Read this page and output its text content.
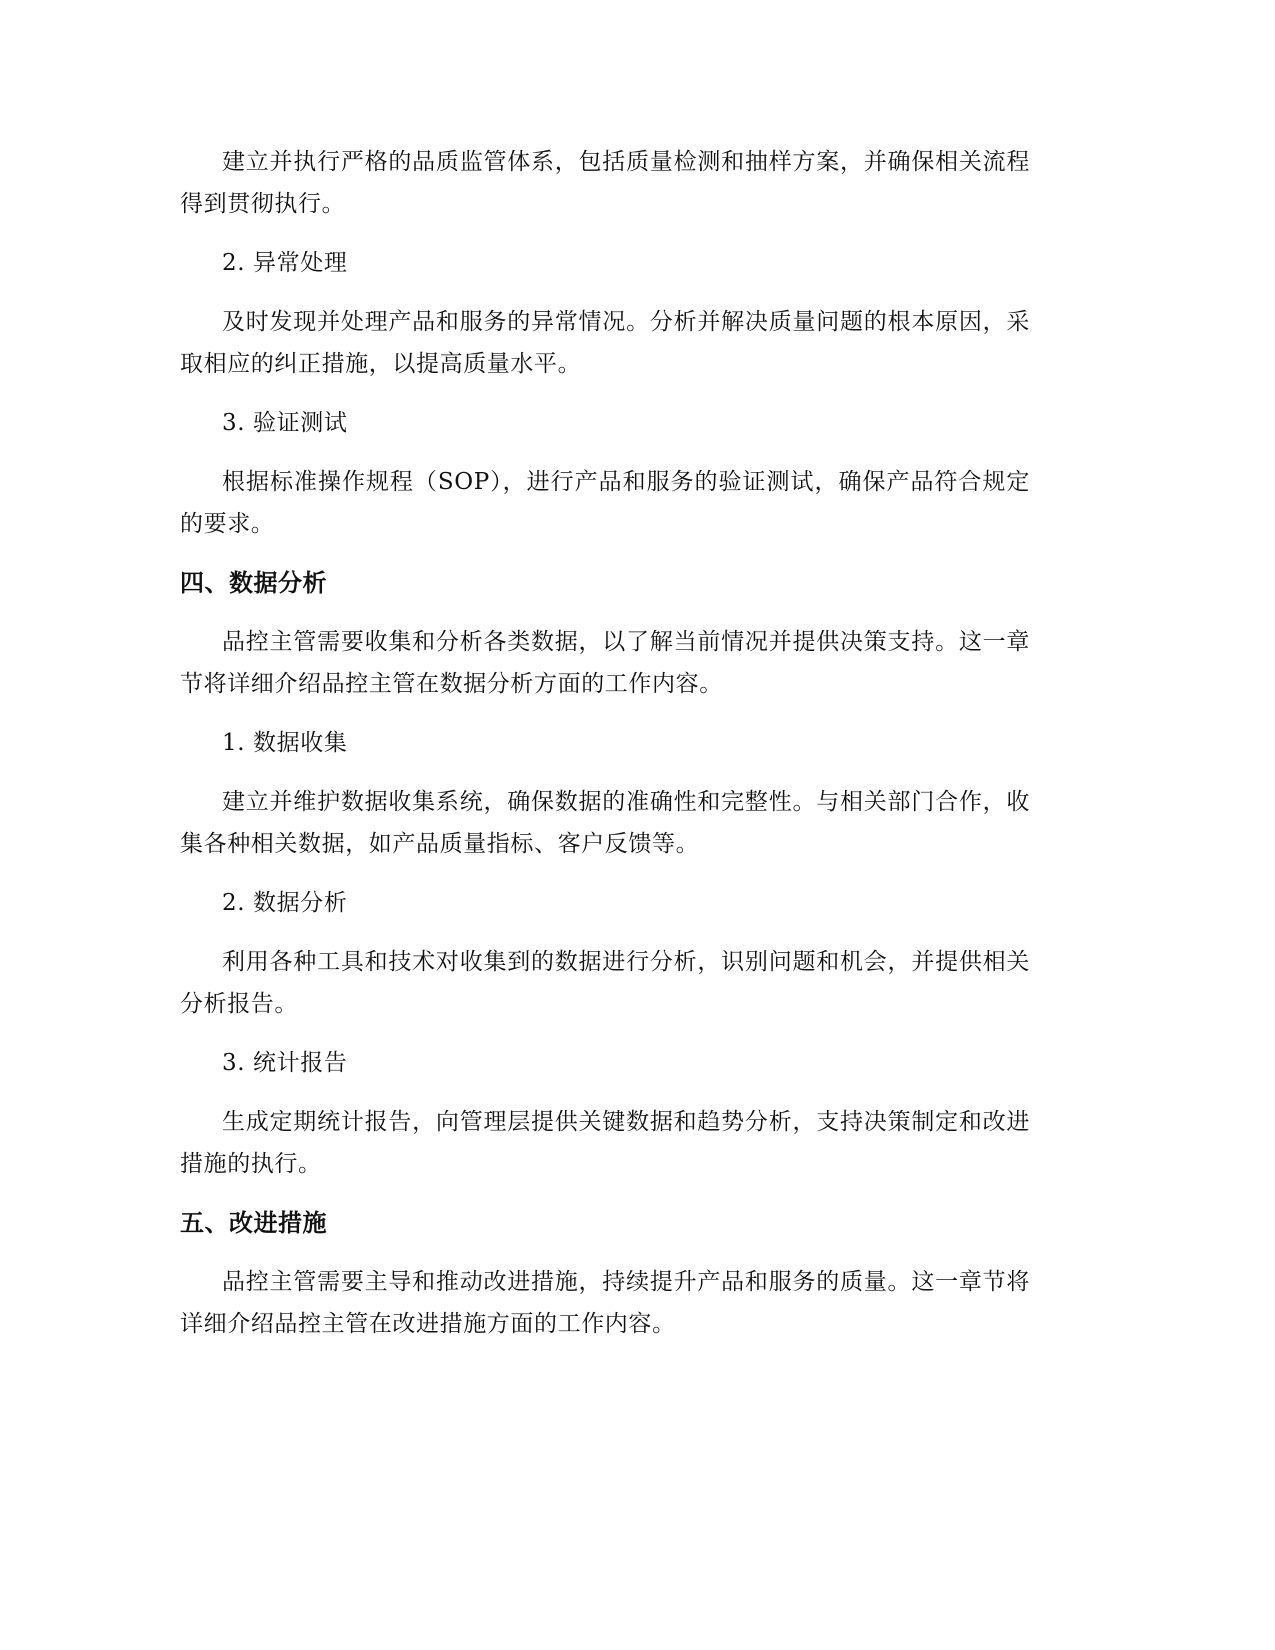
建立并执行严格的品质监管体系，包括质量检测和抽样方案，并确保相关流程得到贯彻执行。

2. 异常处理

及时发现并处理产品和服务的异常情况。分析并解决质量问题的根本原因，采取相应的纠正措施，以提高质量水平。

3. 验证测试

根据标准操作规程（SOP），进行产品和服务的验证测试，确保产品符合规定的要求。

四、数据分析

品控主管需要收集和分析各类数据，以了解当前情况并提供决策支持。这一章节将详细介绍品控主管在数据分析方面的工作内容。

1. 数据收集

建立并维护数据收集系统，确保数据的准确性和完整性。与相关部门合作，收集各种相关数据，如产品质量指标、客户反馈等。

2. 数据分析

利用各种工具和技术对收集到的数据进行分析，识别问题和机会，并提供相关分析报告。

3. 统计报告

生成定期统计报告，向管理层提供关键数据和趋势分析，支持决策制定和改进措施的执行。

五、改进措施

品控主管需要主导和推动改进措施，持续提升产品和服务的质量。这一章节将详细介绍品控主管在改进措施方面的工作内容。
